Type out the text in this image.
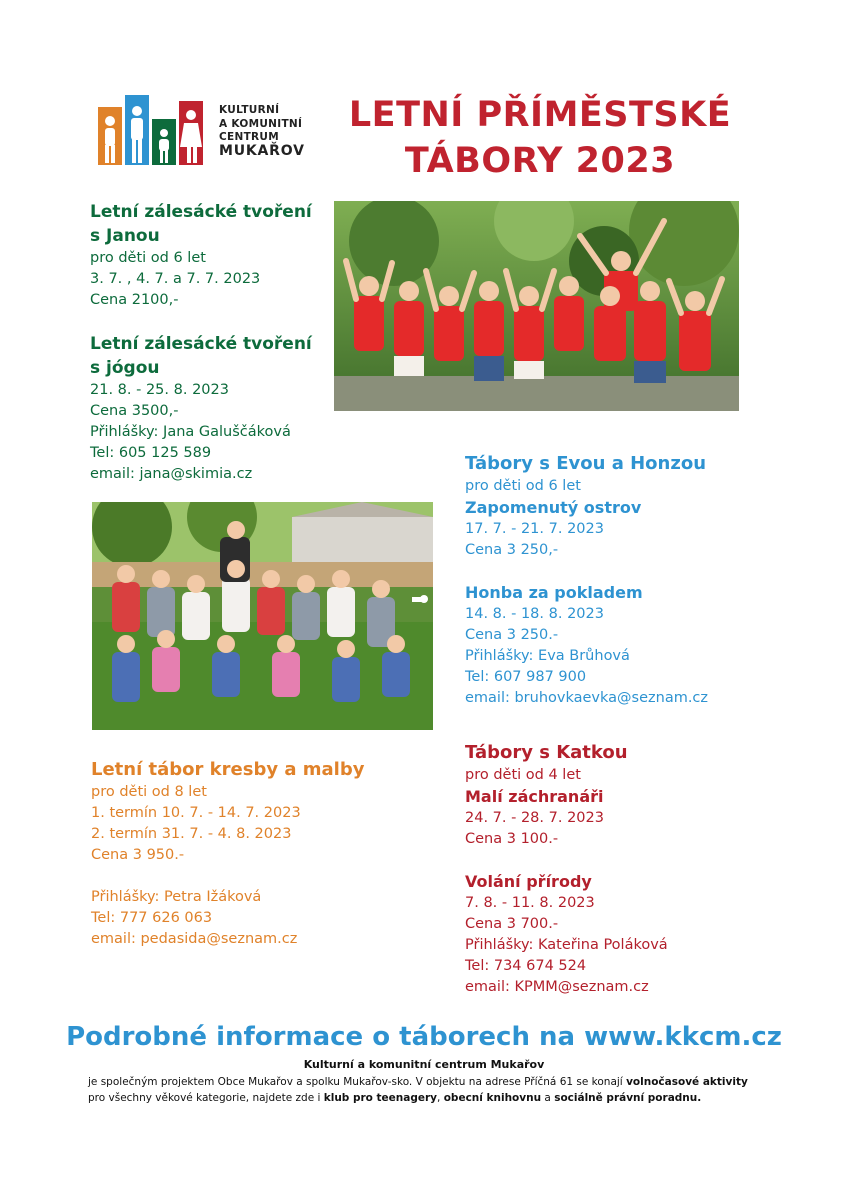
KULTURNÍ
A KOMUNITNÍ
CENTRUM
MUKAŘOV
LETNÍ PŘÍMĚSTSKÉ
TÁBORY 2023
Letní zálesácké tvoření
s Janou
pro děti od 6 let
3. 7. , 4. 7. a 7. 7. 2023
Cena 2100,-
Letní zálesácké tvoření
s jógou
21. 8. - 25. 8. 2023
Cena 3500,-
Přihlášky: Jana Galuščáková
Tel: 605 125 589
email: jana@skimia.cz	Tábory s Evou a Honzou
pro děti od 6 let
Zapomenutý ostrov
17. 7. - 21. 7. 2023
Cena 3 250,-
Honba za pokladem
14. 8. - 18. 8. 2023
Cena 3 250.-
Přihlášky: Eva Brůhová
Tel: 607 987 900
email: bruhovkaevka@seznam.cz
Letní tábor kresby a malby
pro děti od 8 let
1. termín 10. 7. - 14. 7. 2023
2. termín 31. 7. - 4. 8. 2023
Cena 3 950.-
Přihlášky: Petra Ižáková
Tel: 777 626 063
email: pedasida@seznam.cz
Tábory s Katkou
pro děti od 4 let
Malí záchranáři
24. 7. - 28. 7. 2023
Cena 3 100.-
Volání přírody
7. 8. - 11. 8. 2023
Cena 3 700.-
Přihlášky: Kateřina Poláková
Tel: 734 674 524
email: KPMM@seznam.cz
Podrobné informace o táborech na www.kkcm.cz
Kulturní a komunitní centrum Mukařov
je společným projektem Obce Mukařov a spolku Mukařov-sko. V objektu na adrese Příčná 61 se konají volnočasové aktivity pro všechny věkové kategorie, najdete zde i klub pro teenagery, obecní knihovnu a sociálně právní poradnu.
